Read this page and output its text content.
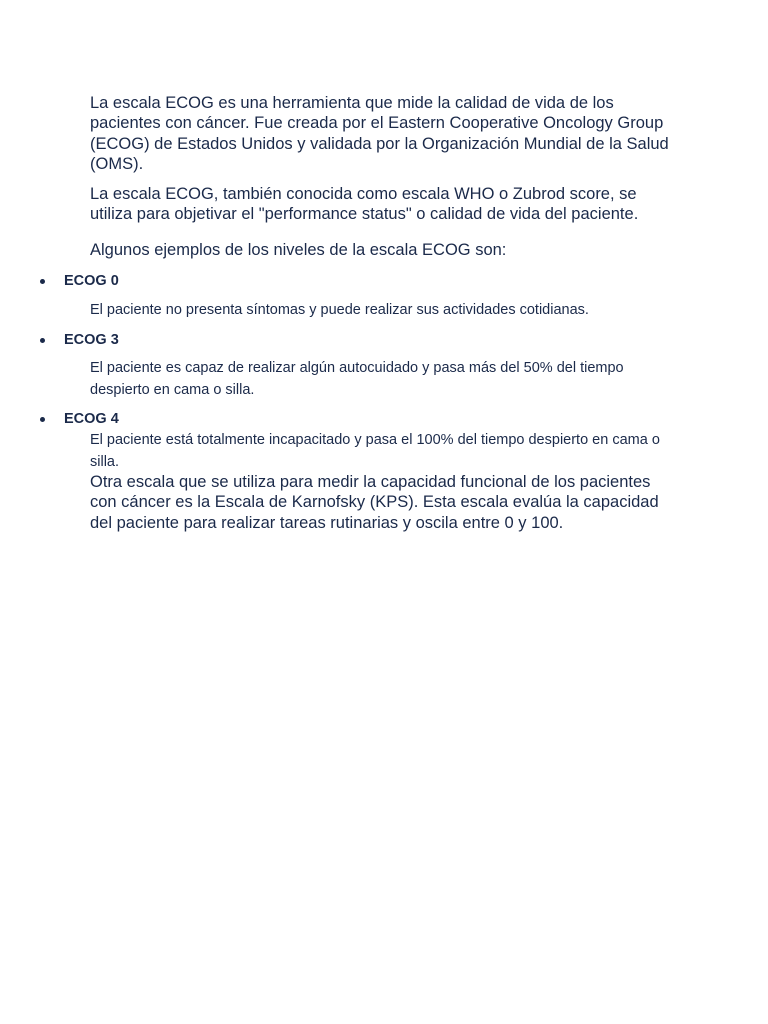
La escala ECOG es una herramienta que mide la calidad de vida de los pacientes con cáncer. Fue creada por el Eastern Cooperative Oncology Group (ECOG) de Estados Unidos y validada por la Organización Mundial de la Salud (OMS).

La escala ECOG, también conocida como escala WHO o Zubrod score, se utiliza para objetivar el "performance status" o calidad de vida del paciente.

Algunos ejemplos de los niveles de la escala ECOG son:

ECOG 0

El paciente no presenta síntomas y puede realizar sus actividades cotidianas.

ECOG 3

El paciente es capaz de realizar algún autocuidado y pasa más del 50% del tiempo despierto en cama o silla.

ECOG 4

El paciente está totalmente incapacitado y pasa el 100% del tiempo despierto en cama o silla.

Otra escala que se utiliza para medir la capacidad funcional de los pacientes con cáncer es la Escala de Karnofsky (KPS). Esta escala evalúa la capacidad del paciente para realizar tareas rutinarias y oscila entre 0 y 100.
